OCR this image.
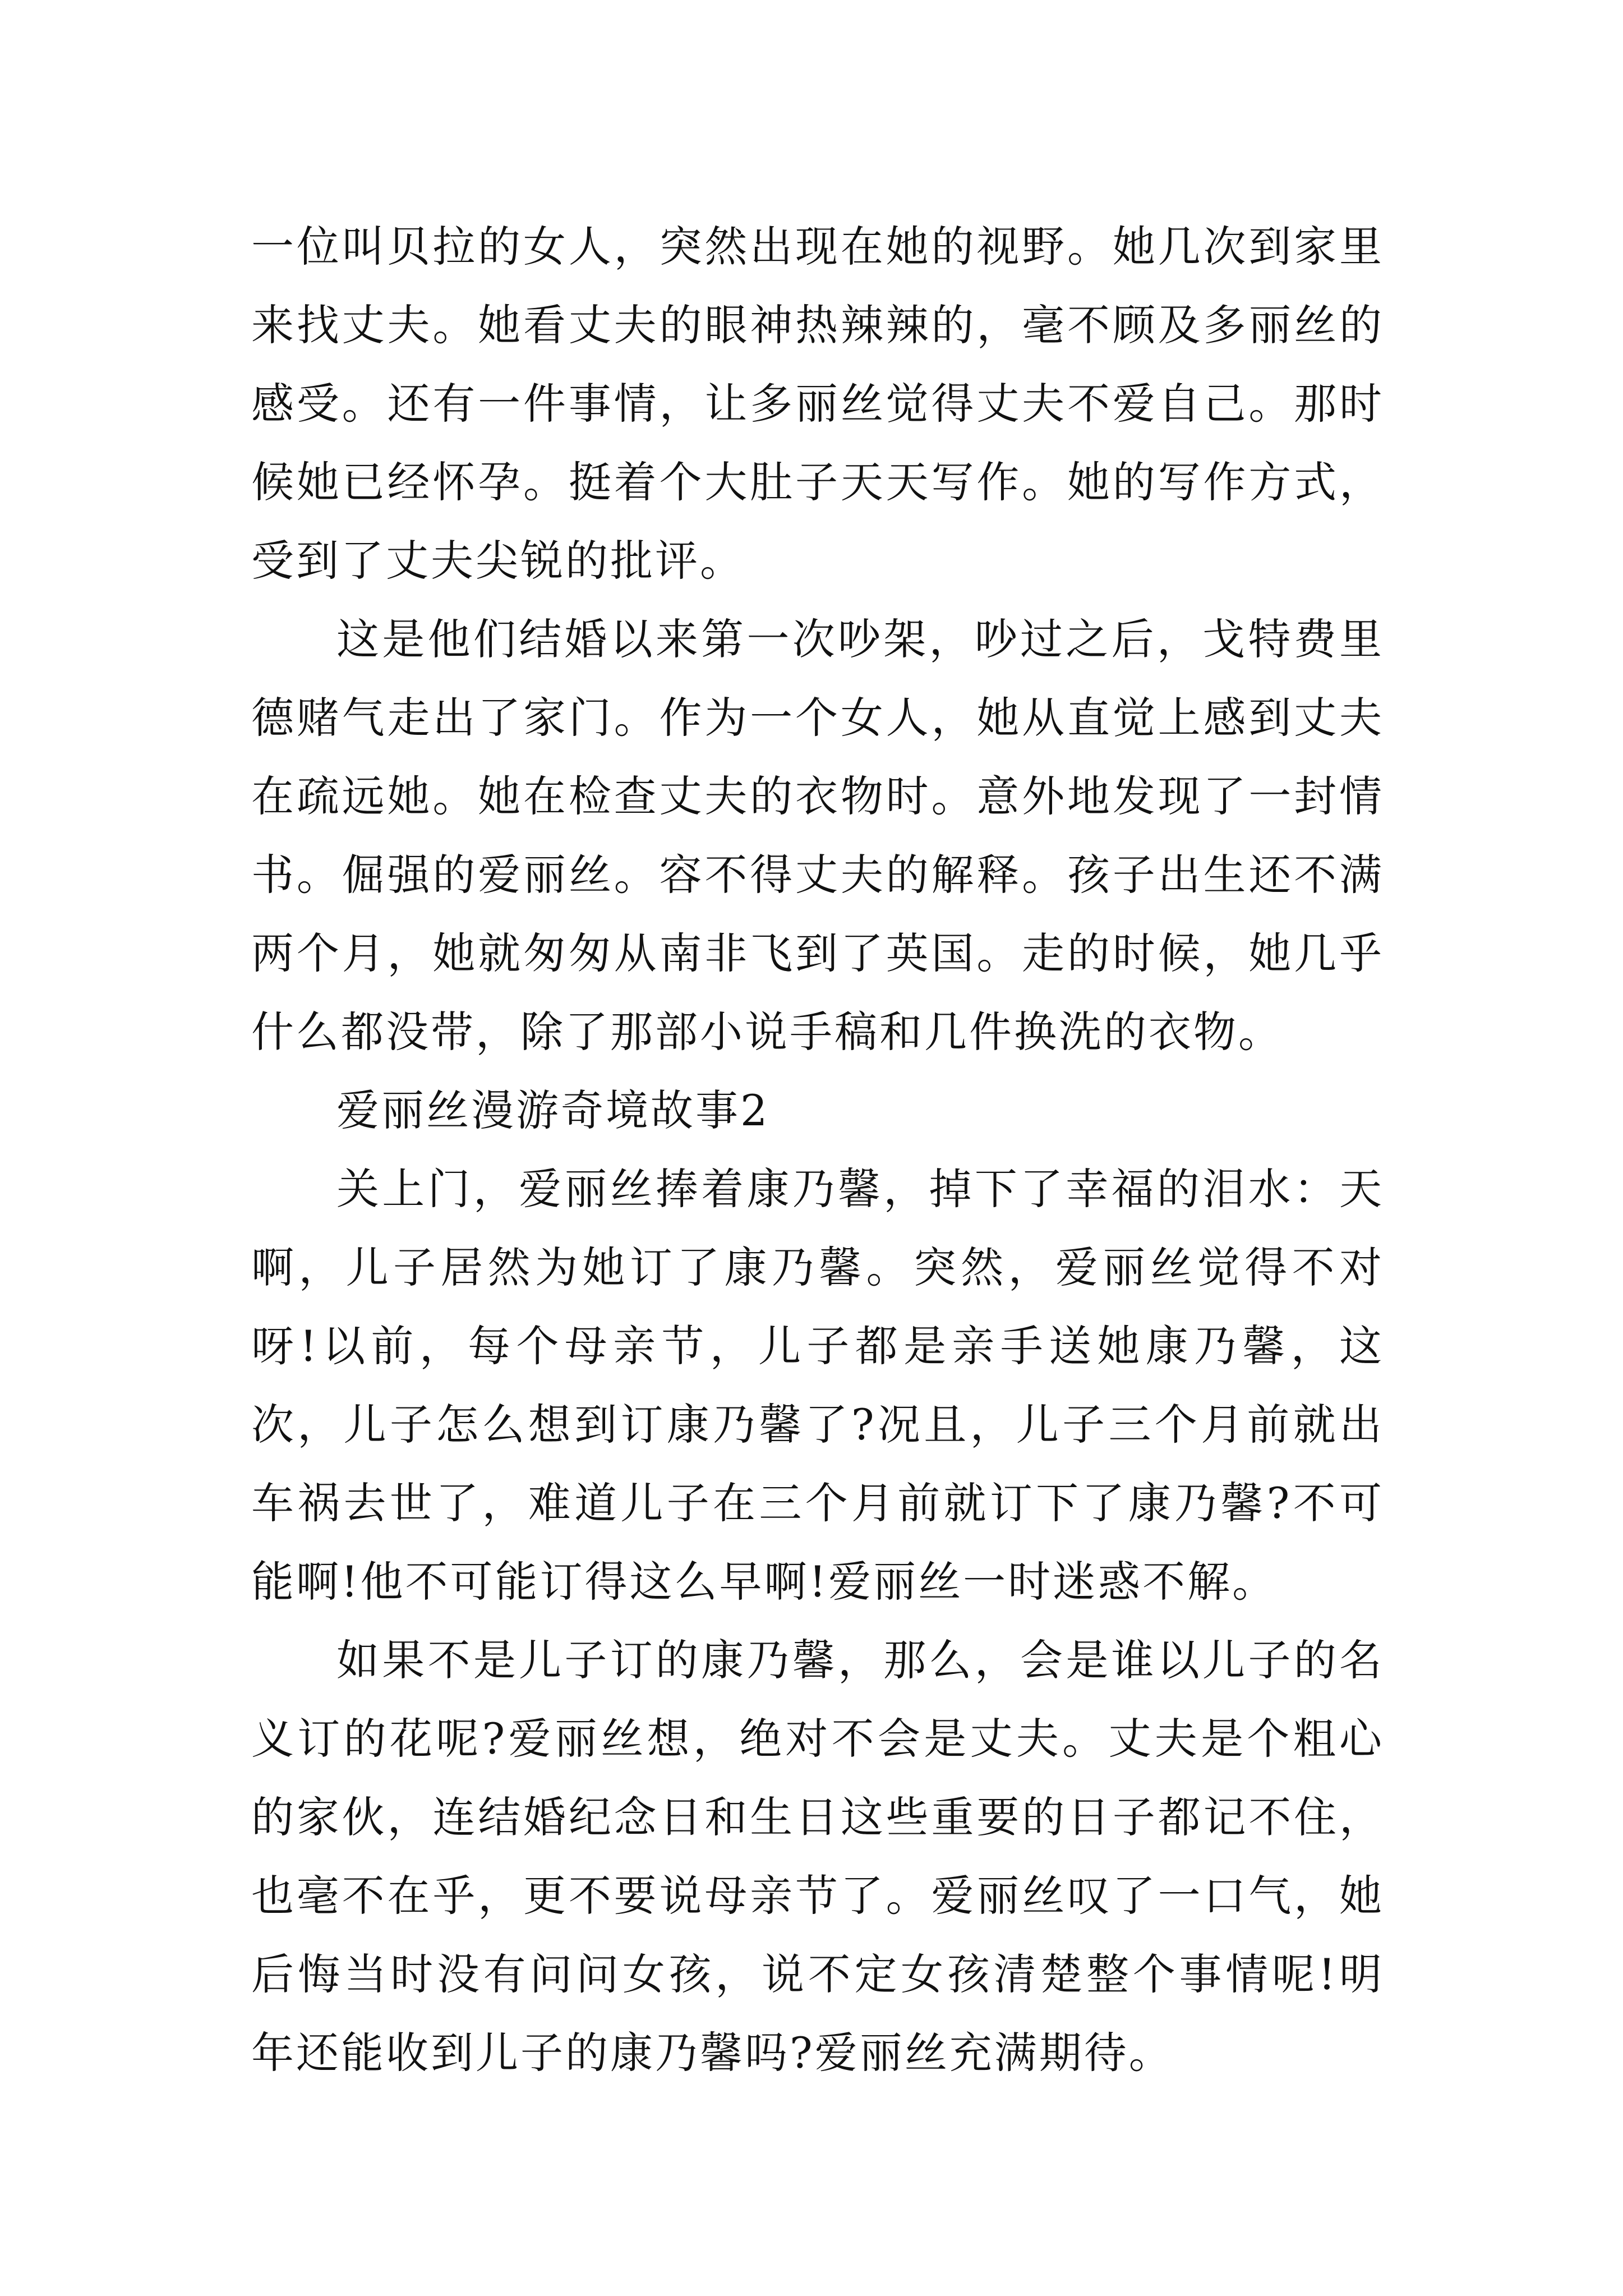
一位叫贝拉的女人，突然出现在她的视野。她几次到家里来找丈夫。她看丈夫的眼神热辣辣的，毫不顾及多丽丝的感受。还有一件事情，让多丽丝觉得丈夫不爱自己。那时候她已经怀孕。挺着个大肚子天天写作。她的写作方式，受到了丈夫尖锐的批评。

这是他们结婚以来第一次吵架，吵过之后，戈特费里德赌气走出了家门。作为一个女人，她从直觉上感到丈夫在疏远她。她在检查丈夫的衣物时。意外地发现了一封情书。倔强的爱丽丝。容不得丈夫的解释。孩子出生还不满两个月，她就匆匆从南非飞到了英国。走的时候，她几乎什么都没带，除了那部小说手稿和几件换洗的衣物。

爱丽丝漫游奇境故事2

关上门，爱丽丝捧着康乃馨，掉下了幸福的泪水：天啊，儿子居然为她订了康乃馨。突然，爱丽丝觉得不对呀!以前，每个母亲节，儿子都是亲手送她康乃馨，这次，儿子怎么想到订康乃馨了?况且，儿子三个月前就出车祸去世了，难道儿子在三个月前就订下了康乃馨?不可能啊!他不可能订得这么早啊!爱丽丝一时迷惑不解。

如果不是儿子订的康乃馨，那么，会是谁以儿子的名义订的花呢?爱丽丝想，绝对不会是丈夫。丈夫是个粗心的家伙，连结婚纪念日和生日这些重要的日子都记不住，也毫不在乎，更不要说母亲节了。爱丽丝叹了一口气，她后悔当时没有问问女孩，说不定女孩清楚整个事情呢!明年还能收到儿子的康乃馨吗?爱丽丝充满期待。
